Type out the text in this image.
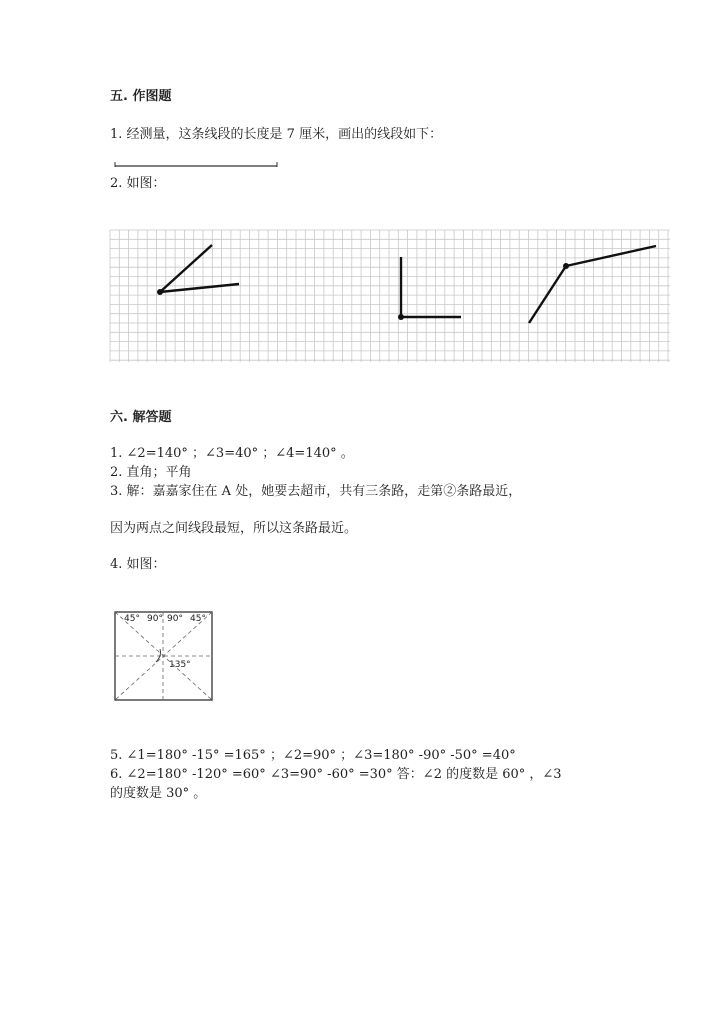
五. 作图题
1. 经测量，这条线段的长度是 7 厘米，画出的线段如下：
2. 如图：
六. 解答题
1. ∠2=140° ；∠3=40° ；∠4=140° 。
2. 直角；平角
3. 解：嘉嘉家住在 A 处，她要去超市，共有三条路，走第②条路最近，
因为两点之间线段最短，所以这条路最近。
4. 如图：
45° 90° 90° 45°
135°
5. ∠1=180° -15° =165° ；∠2=90° ；∠3=180° -90° -50° =40°
6. ∠2=180° -120° =60° ∠3=90° -60° =30° 答：∠2 的度数是 60° ，∠3
的度数是 30° 。
